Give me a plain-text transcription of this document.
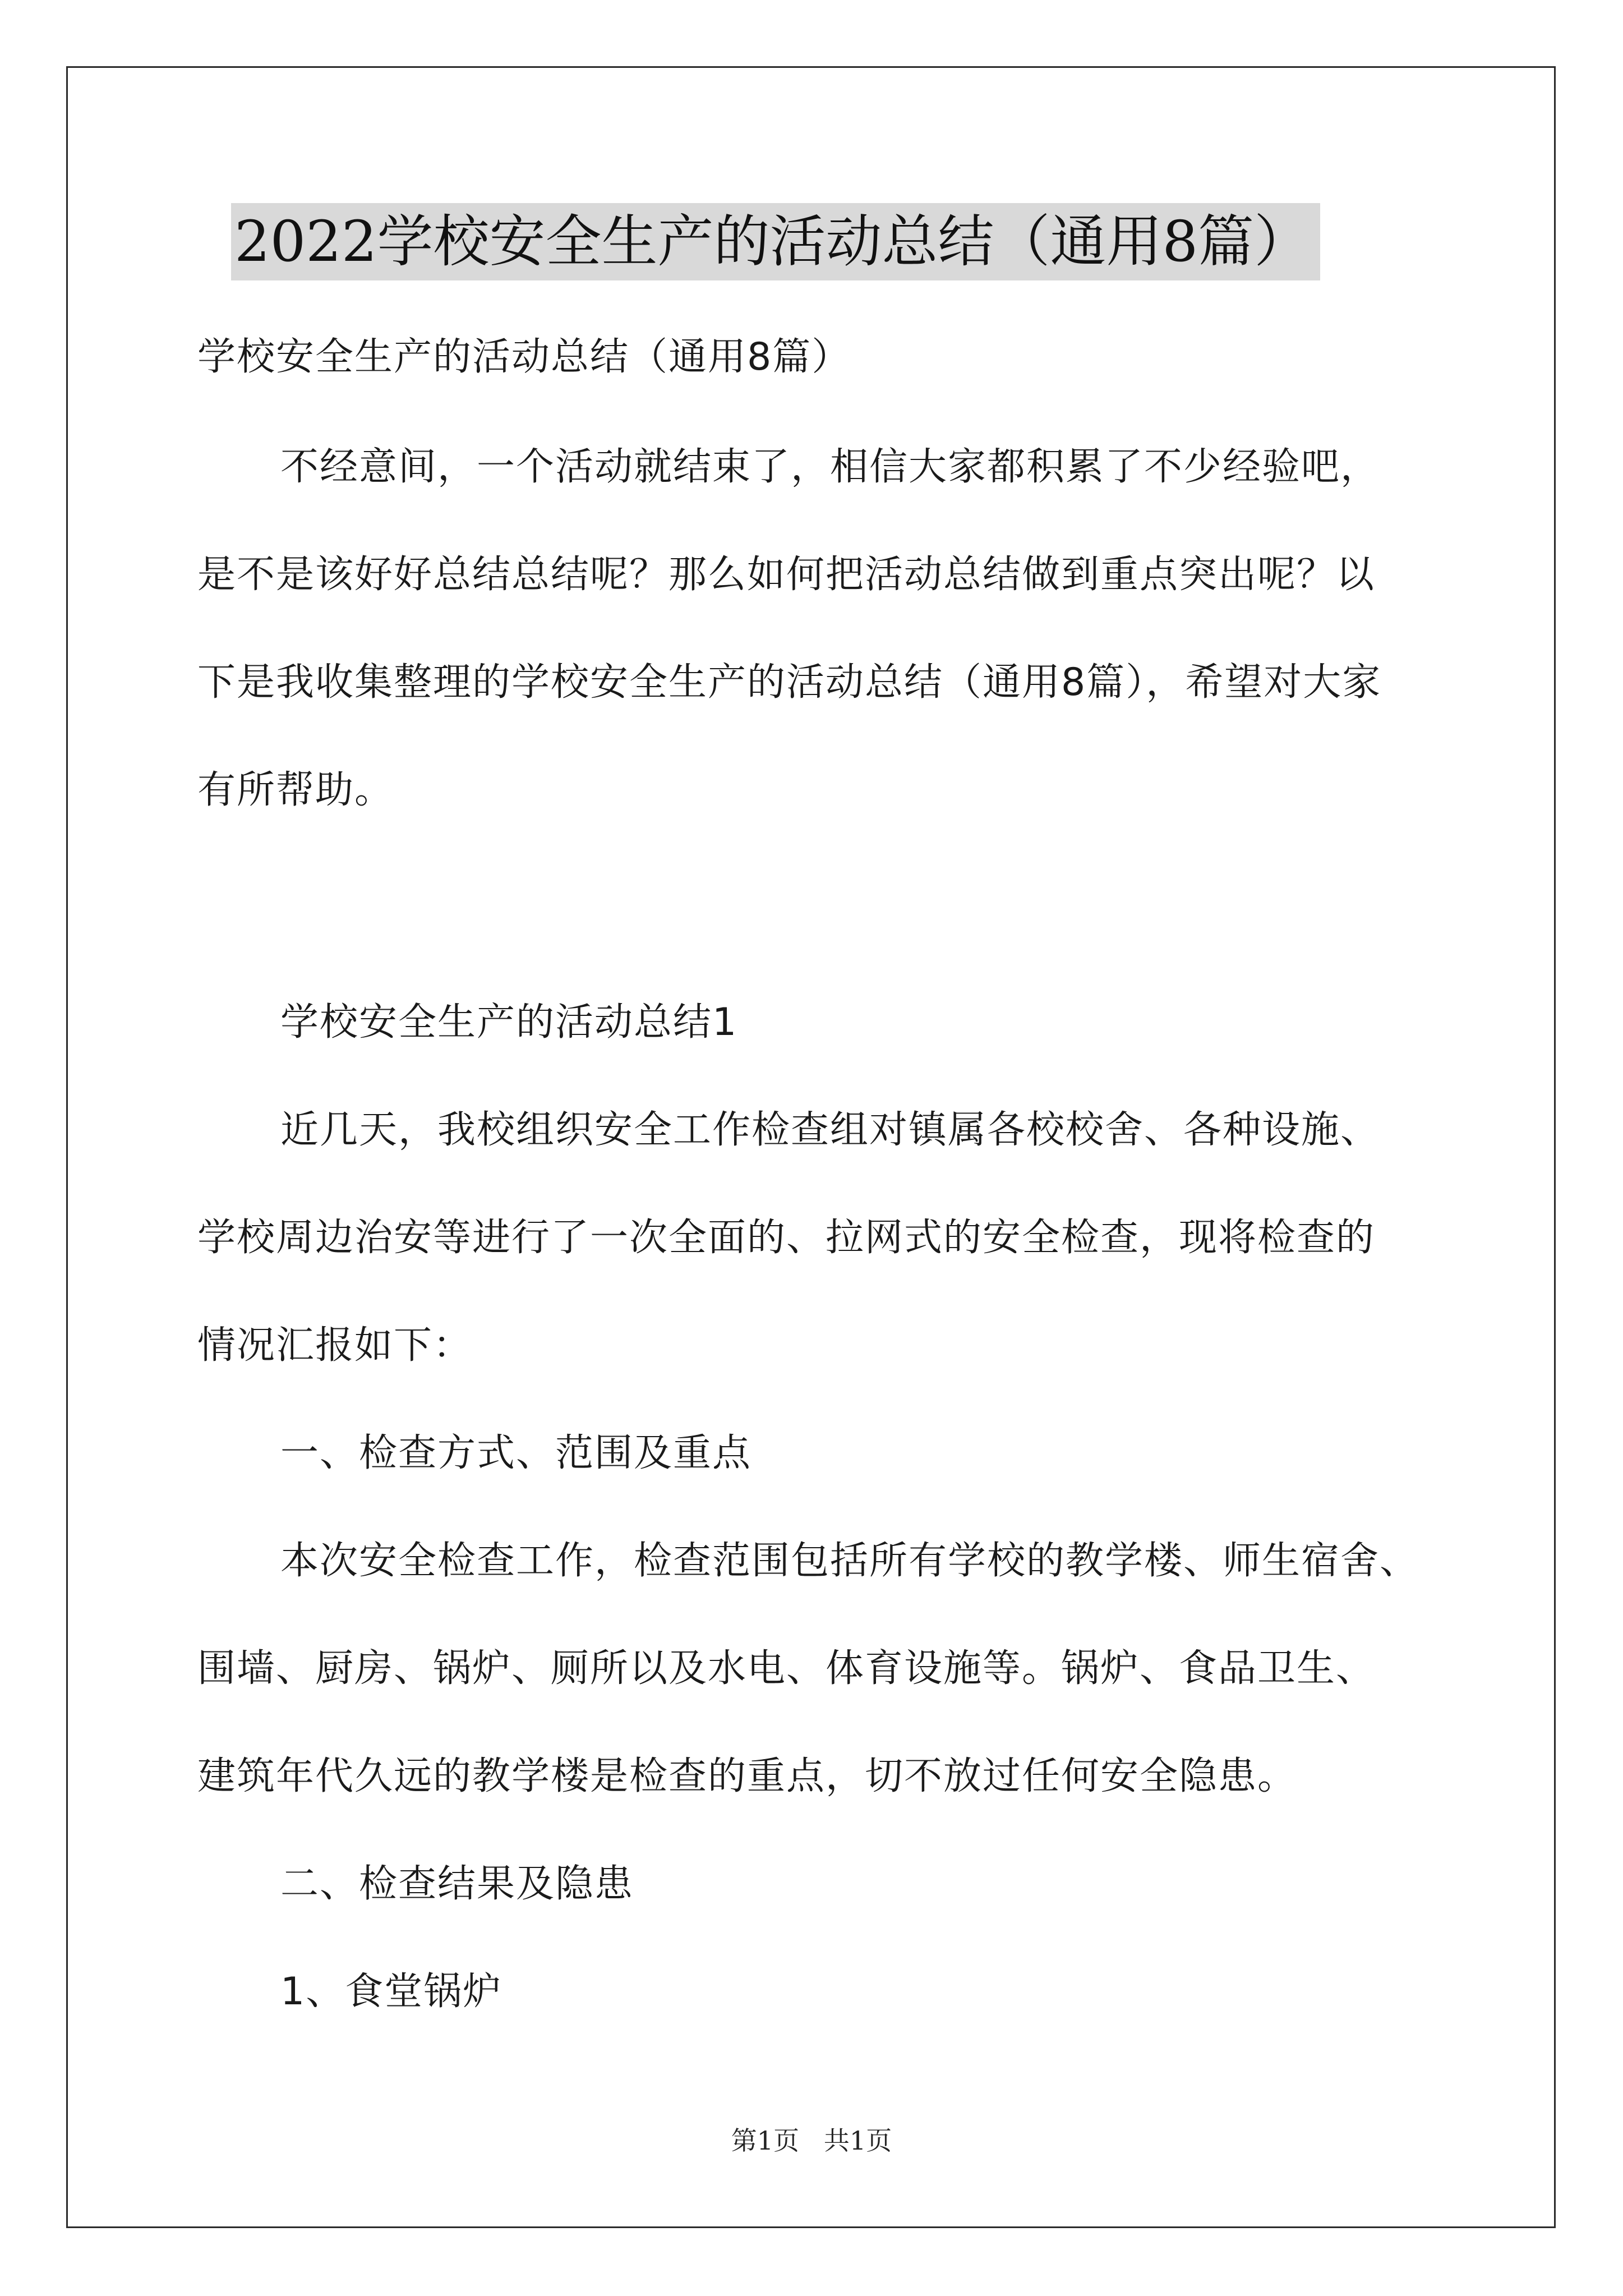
2022学校安全生产的活动总结（通用8篇）
学校安全生产的活动总结（通用8篇）
不经意间，一个活动就结束了，相信大家都积累了不少经验吧，
是不是该好好总结总结呢？那么如何把活动总结做到重点突出呢？以
下是我收集整理的学校安全生产的活动总结（通用8篇），希望对大家
有所帮助。
学校安全生产的活动总结1
近几天，我校组织安全工作检查组对镇属各校校舍、各种设施、
学校周边治安等进行了一次全面的、拉网式的安全检查，现将检查的
情况汇报如下：
一、检查方式、范围及重点
本次安全检查工作，检查范围包括所有学校的教学楼、师生宿舍、
围墙、厨房、锅炉、厕所以及水电、体育设施等。锅炉、食品卫生、
建筑年代久远的教学楼是检查的重点，切不放过任何安全隐患。
二、检查结果及隐患
1、食堂锅炉
第1页   共1页
